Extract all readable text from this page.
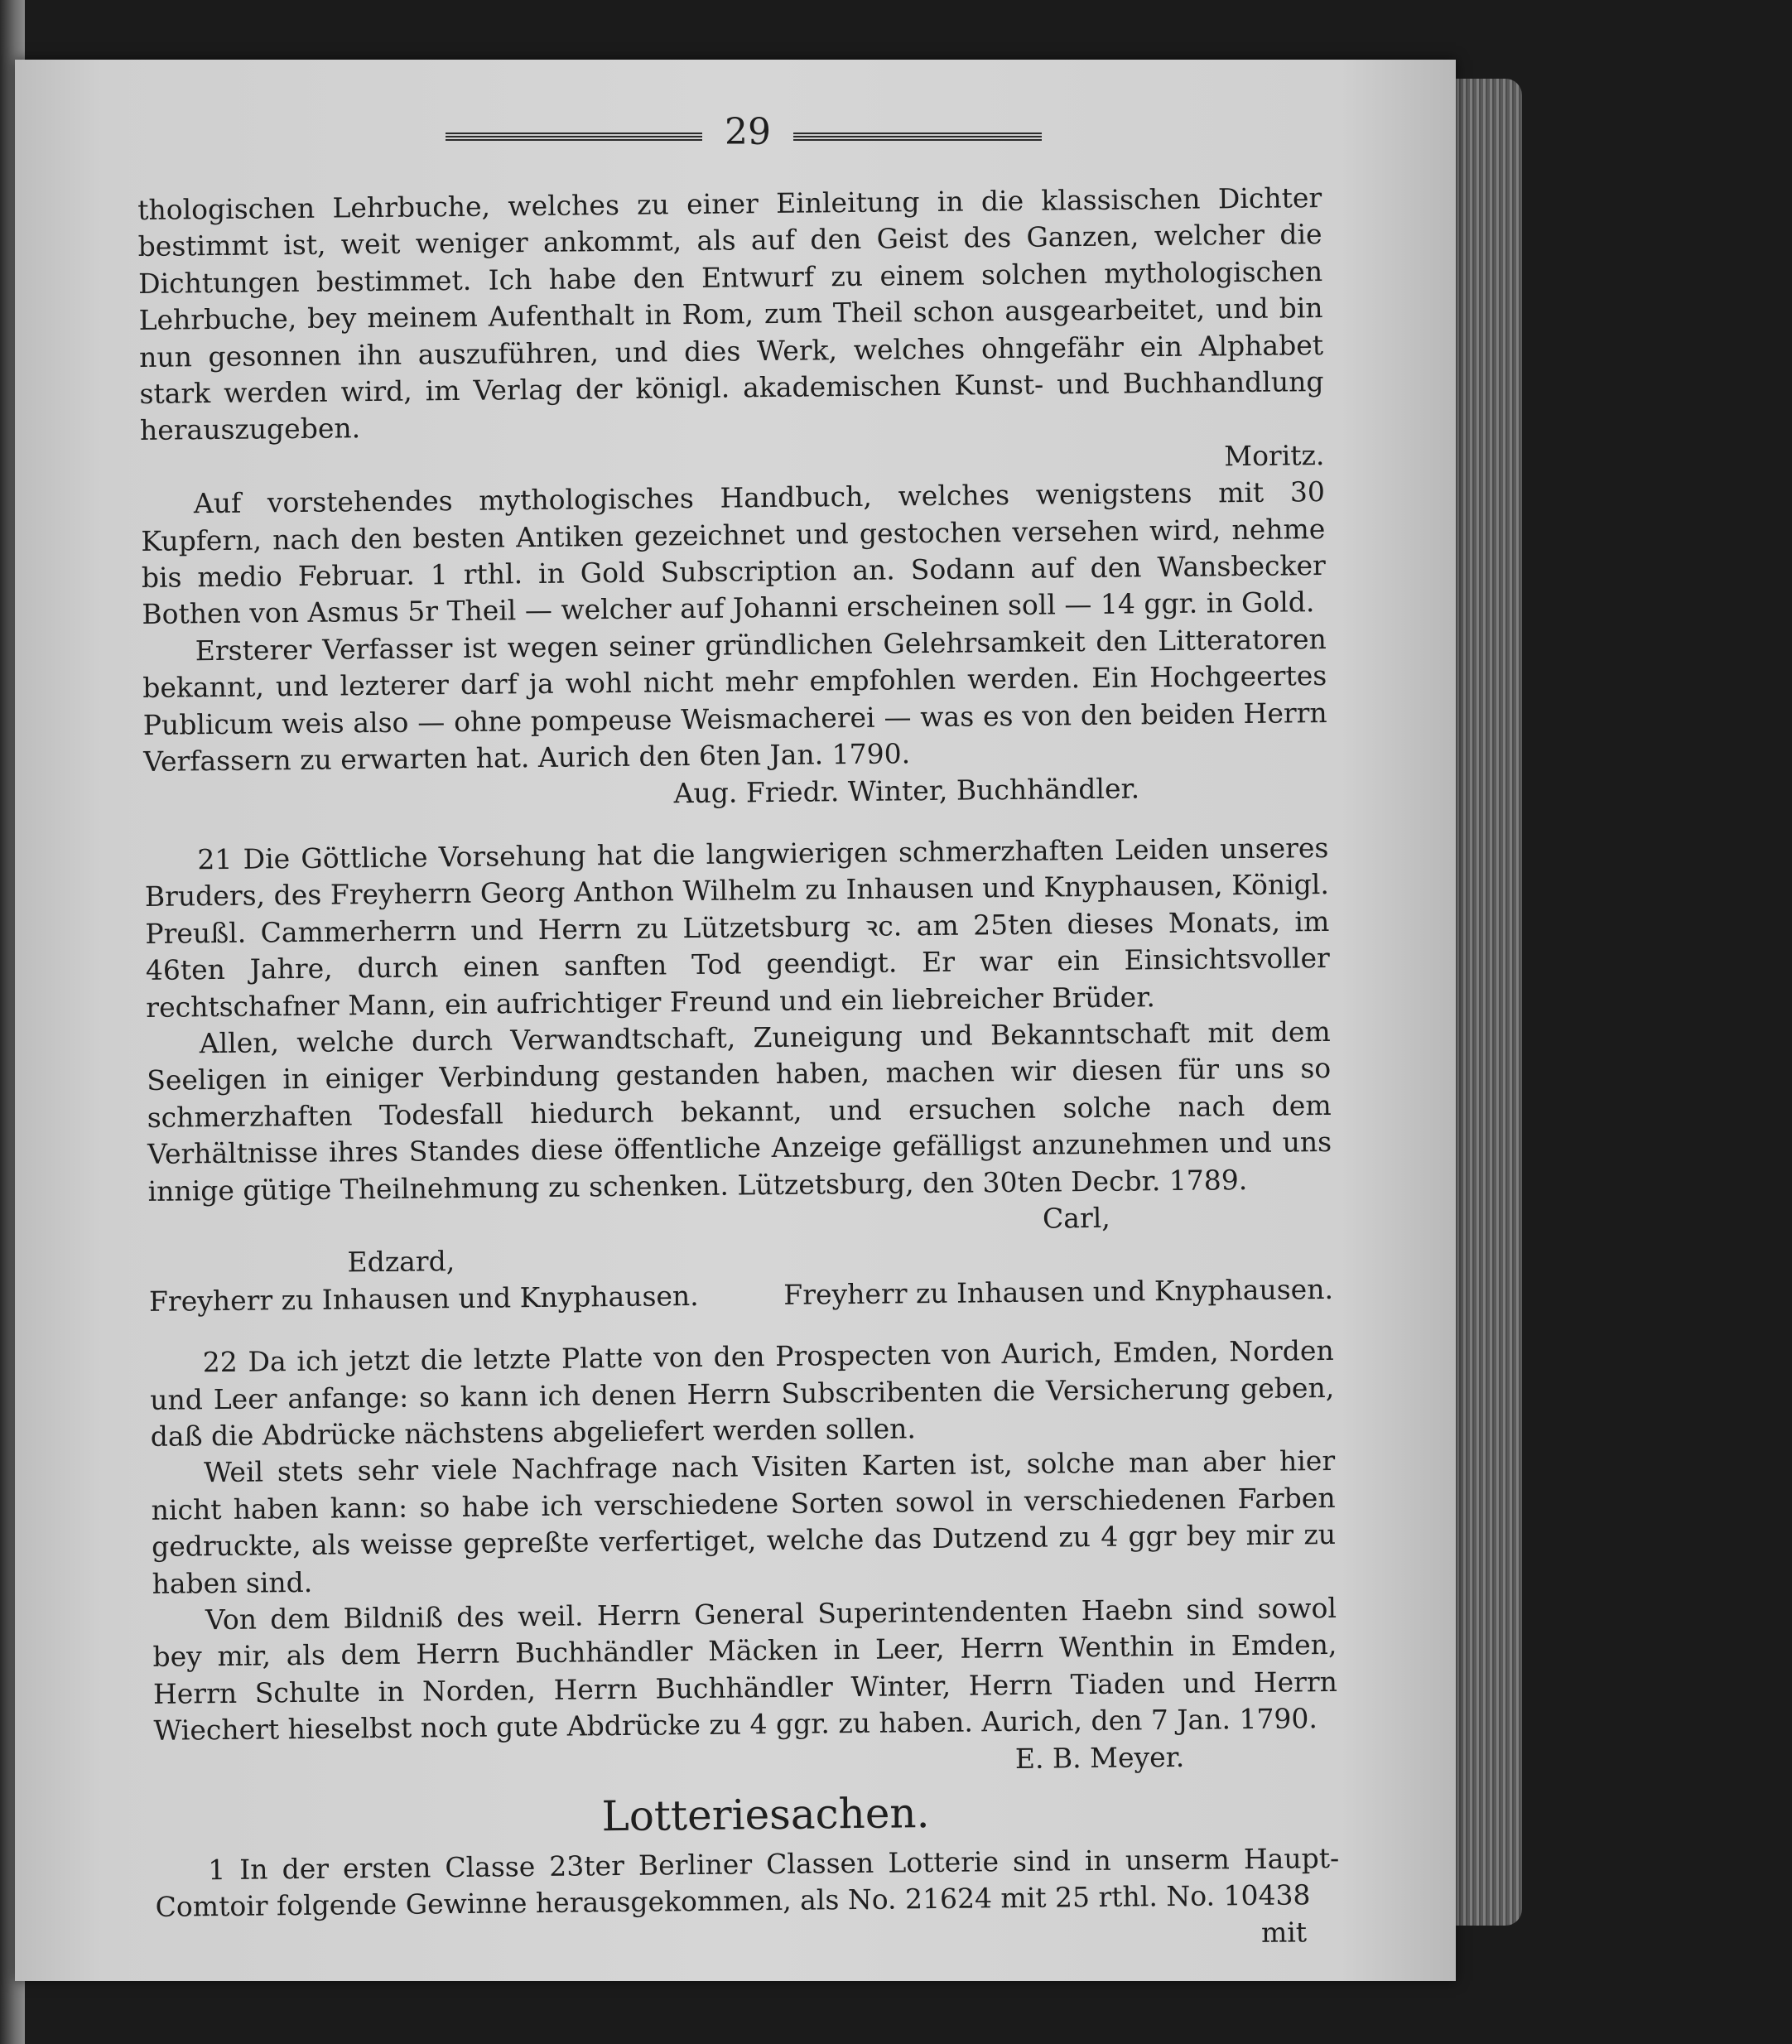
29

thologischen Lehrbuche, welches zu einer Einleitung in die klassischen Dichter bestimmt ist, weit weniger ankommt, als auf den Geist des Ganzen, welcher die Dichtungen bestimmet. Ich habe den Entwurf zu einem solchen mythologischen Lehrbuche, bey meinem Aufenthalt in Rom, zum Theil schon ausgearbeitet, und bin nun gesonnen ihn auszuführen, und dies Werk, welches ohngefähr ein Alphabet stark werden wird, im Verlag der königl. akademischen Kunst- und Buchhandlung herauszugeben.

Moritz.

Auf vorstehendes mythologisches Handbuch, welches wenigstens mit 30 Kupfern, nach den besten Antiken gezeichnet und gestochen versehen wird, nehme bis medio Februar. 1 rthl. in Gold Subscription an. Sodann auf den Wansbecker Bothen von Asmus 5r Theil — welcher auf Johanni erscheinen soll — 14 ggr. in Gold.

Ersterer Verfasser ist wegen seiner gründlichen Gelehrsamkeit den Litteratoren bekannt, und lezterer darf ja wohl nicht mehr empfohlen werden. Ein Hochgeertes Publicum weis also — ohne pompeuse Weismacherei — was es von den beiden Herrn Verfassern zu erwarten hat. Aurich den 6ten Jan. 1790.

Aug. Friedr. Winter, Buchhändler.

21 Die Göttliche Vorsehung hat die langwierigen schmerzhaften Leiden unseres Bruders, des Freyherrn Georg Anthon Wilhelm zu Inhausen und Knyphausen, Königl. Preußl. Cammerherrn und Herrn zu Lützetsburg ꝛc. am 25ten dieses Monats, im 46ten Jahre, durch einen sanften Tod geendigt. Er war ein Einsichtsvoller rechtschafner Mann, ein aufrichtiger Freund und ein liebreicher Brüder.

Allen, welche durch Verwandtschaft, Zuneigung und Bekanntschaft mit dem Seeligen in einiger Verbindung gestanden haben, machen wir diesen für uns so schmerzhaften Todesfall hiedurch bekannt, und ersuchen solche nach dem Verhältnisse ihres Standes diese öffentliche Anzeige gefälligst anzunehmen und uns innige gütige Theilnehmung zu schenken. Lützetsburg, den 30ten Decbr. 1789.

Carl,

Edzard,

Freyherr zu Inhausen und Knyphausen.	Freyherr zu Inhausen und Knyphausen.

22 Da ich jetzt die letzte Platte von den Prospecten von Aurich, Emden, Norden und Leer anfange: so kann ich denen Herrn Subscribenten die Versicherung geben, daß die Abdrücke nächstens abgeliefert werden sollen.

Weil stets sehr viele Nachfrage nach Visiten Karten ist, solche man aber hier nicht haben kann: so habe ich verschiedene Sorten sowol in verschiedenen Farben gedruckte, als weisse gepreßte verfertiget, welche das Dutzend zu 4 ggr bey mir zu haben sind.

Von dem Bildniß des weil. Herrn General Superintendenten Haebn sind sowol bey mir, als dem Herrn Buchhändler Mäcken in Leer, Herrn Wenthin in Emden, Herrn Schulte in Norden, Herrn Buchhändler Winter, Herrn Tiaden und Herrn Wiechert hieselbst noch gute Abdrücke zu 4 ggr. zu haben. Aurich, den 7 Jan. 1790.

E. B. Meyer.

Lotteriesachen.

1 In der ersten Classe 23ter Berliner Classen Lotterie sind in unserm Haupt-Comtoir folgende Gewinne herausgekommen, als No. 21624 mit 25 rthl. No. 10438

mit
